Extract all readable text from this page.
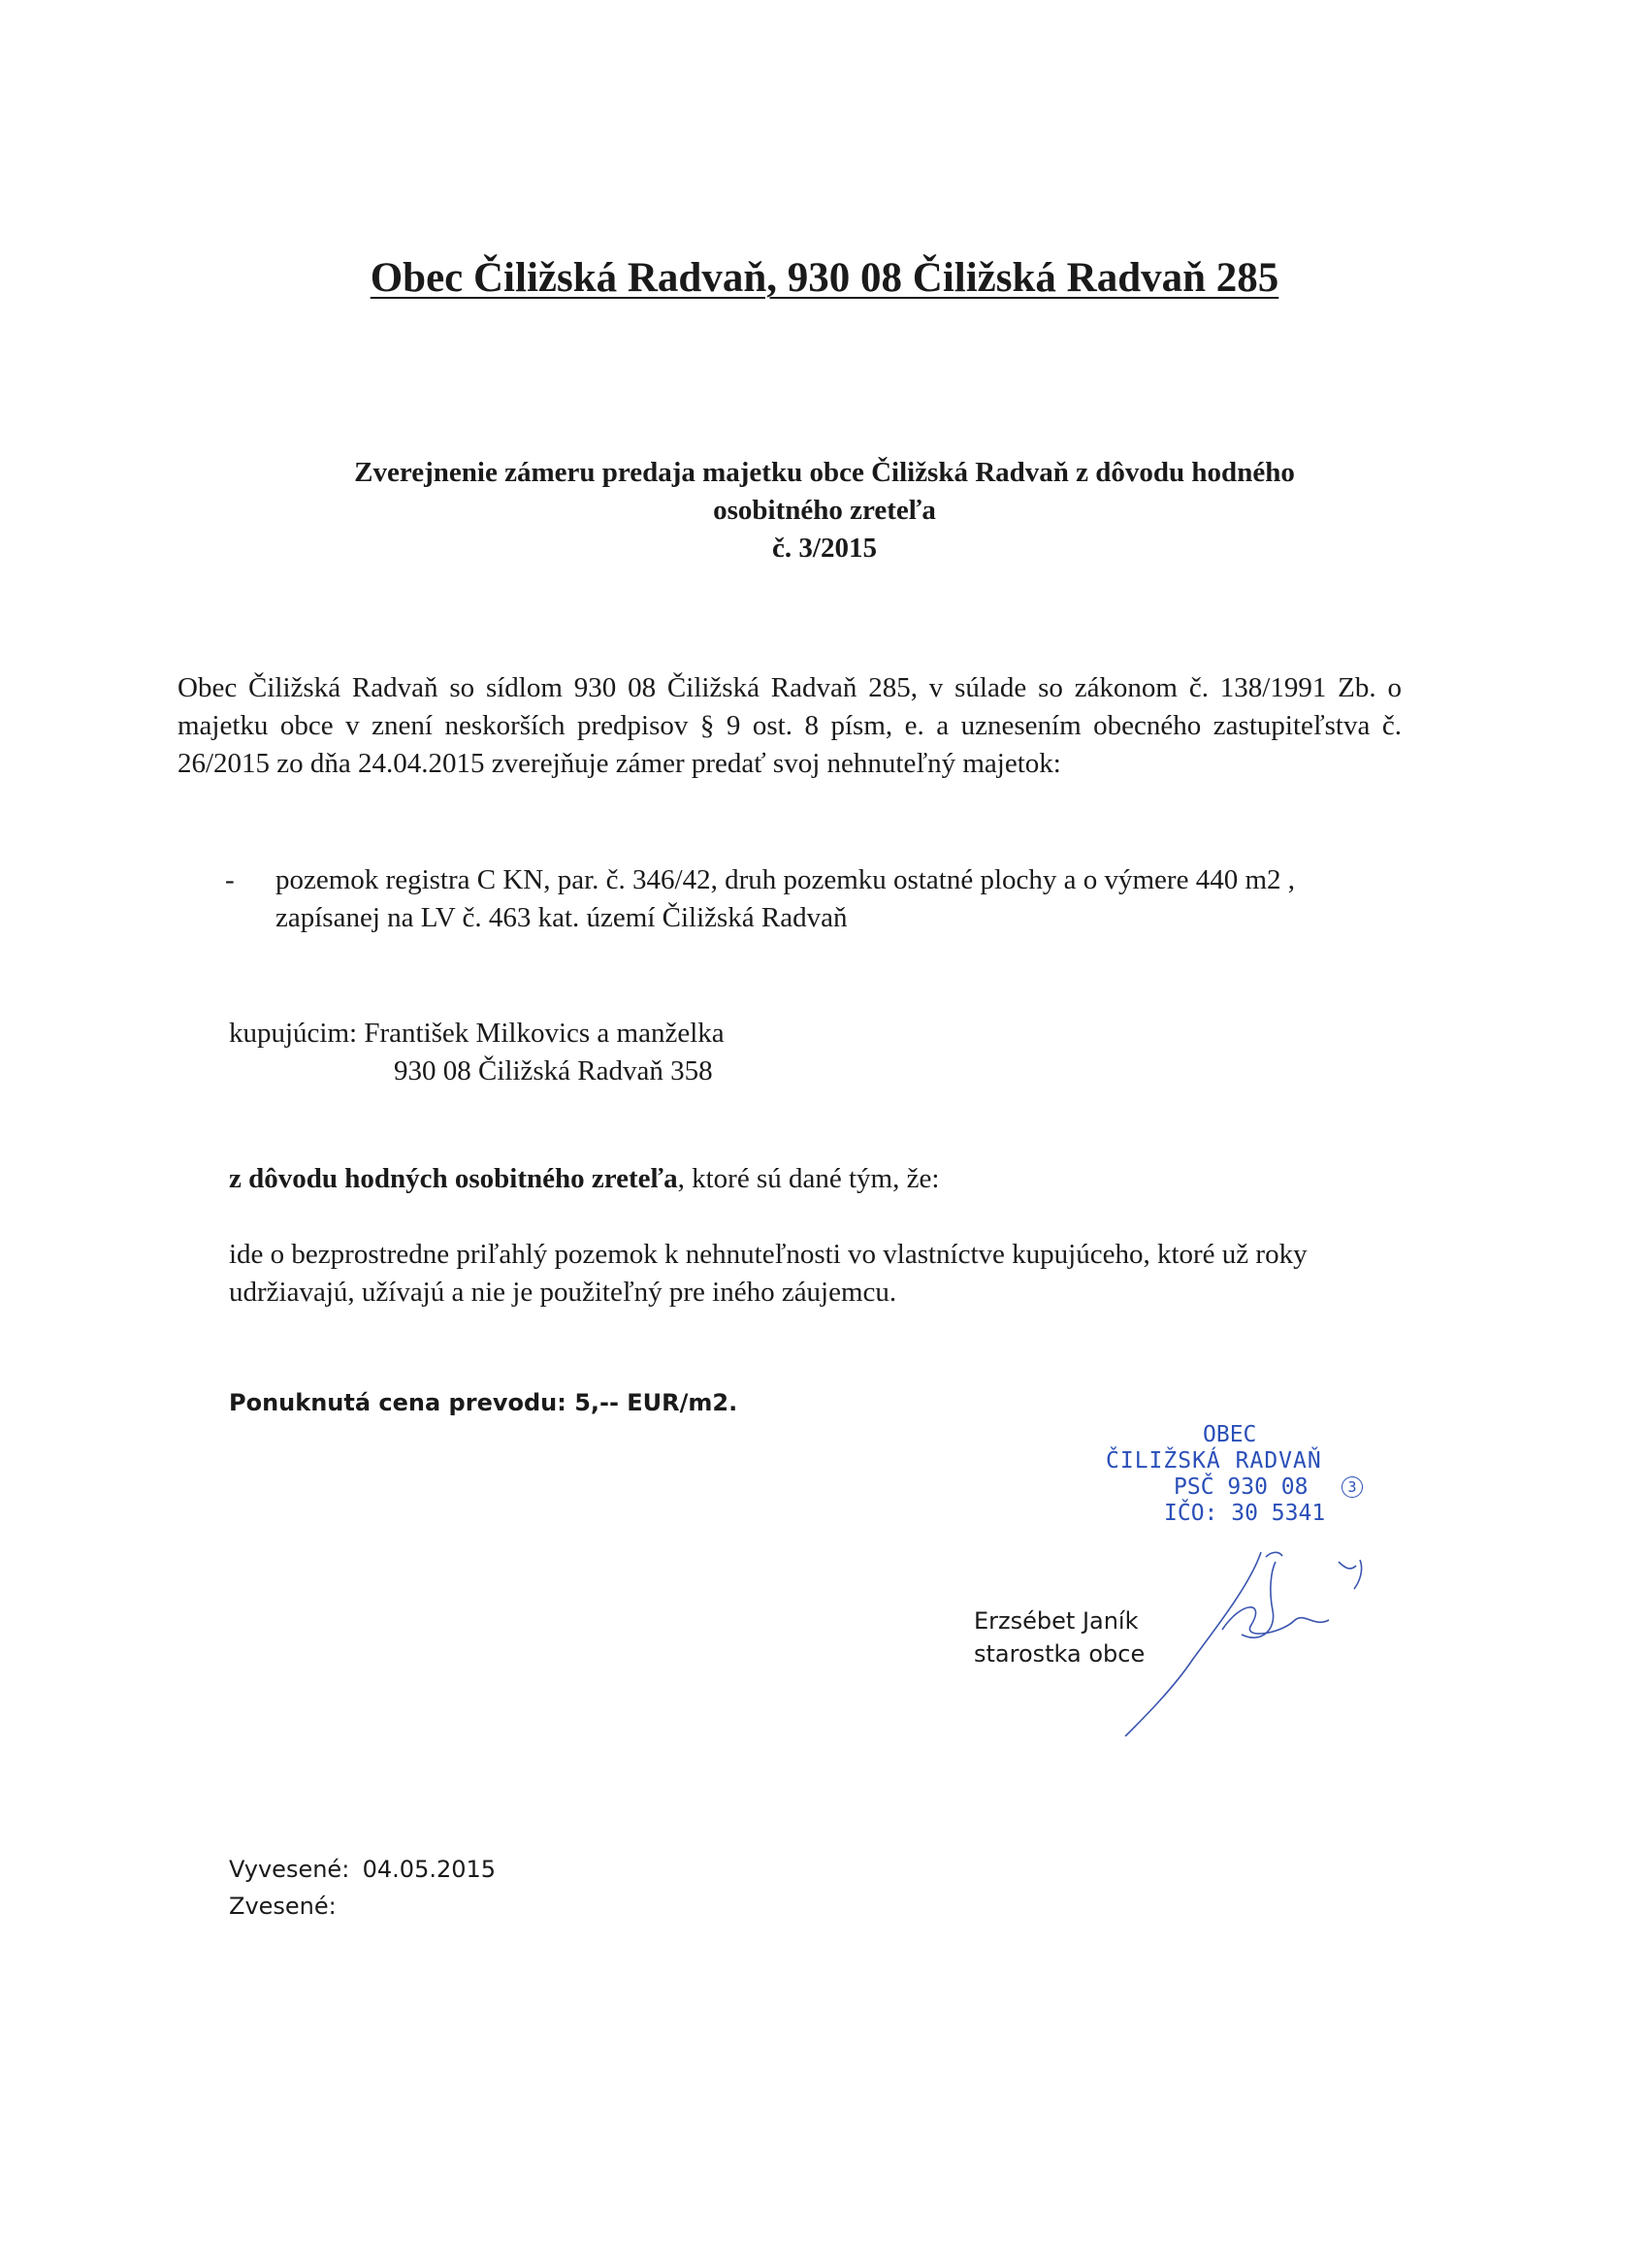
Obec Čiližská Radvaň, 930 08 Čiližská Radvaň 285
Zverejnenie zámeru predaja majetku obce Čiližská Radvaň z dôvodu hodného
osobitného zreteľa
č. 3/2015
Obec Čiližská Radvaň so sídlom 930 08 Čiližská Radvaň 285, v súlade so zákonom č. 138/1991 Zb. o majetku obce v znení neskorších predpisov § 9 ost. 8 písm, e. a uznesením obecného zastupiteľstva č. 26/2015 zo dňa 24.04.2015 zverejňuje zámer predať svoj nehnuteľný majetok:
- pozemok registra C KN, par. č. 346/42, druh pozemku ostatné plochy a o výmere 440 m2 , zapísanej na LV č. 463 kat. území Čiližská Radvaň
kupujúcim: František Milkovics a manželka
930 08 Čiližská Radvaň 358
z dôvodu hodných osobitného zreteľa, ktoré sú dané tým, že:
ide o bezprostredne priľahlý pozemok k nehnuteľnosti vo vlastníctve kupujúceho, ktoré už roky udržiavajú, užívajú a nie je použiteľný pre iného záujemcu.
Ponuknutá cena prevodu: 5,-- EUR/m2.
OBEC
ČILIŽSKÁ RADVAŇ
PSČ 930 08
IČO: 30 5341
3
Erzsébet Janík
starostka obce
Vyvesené: 04.05.2015
Zvesené:
